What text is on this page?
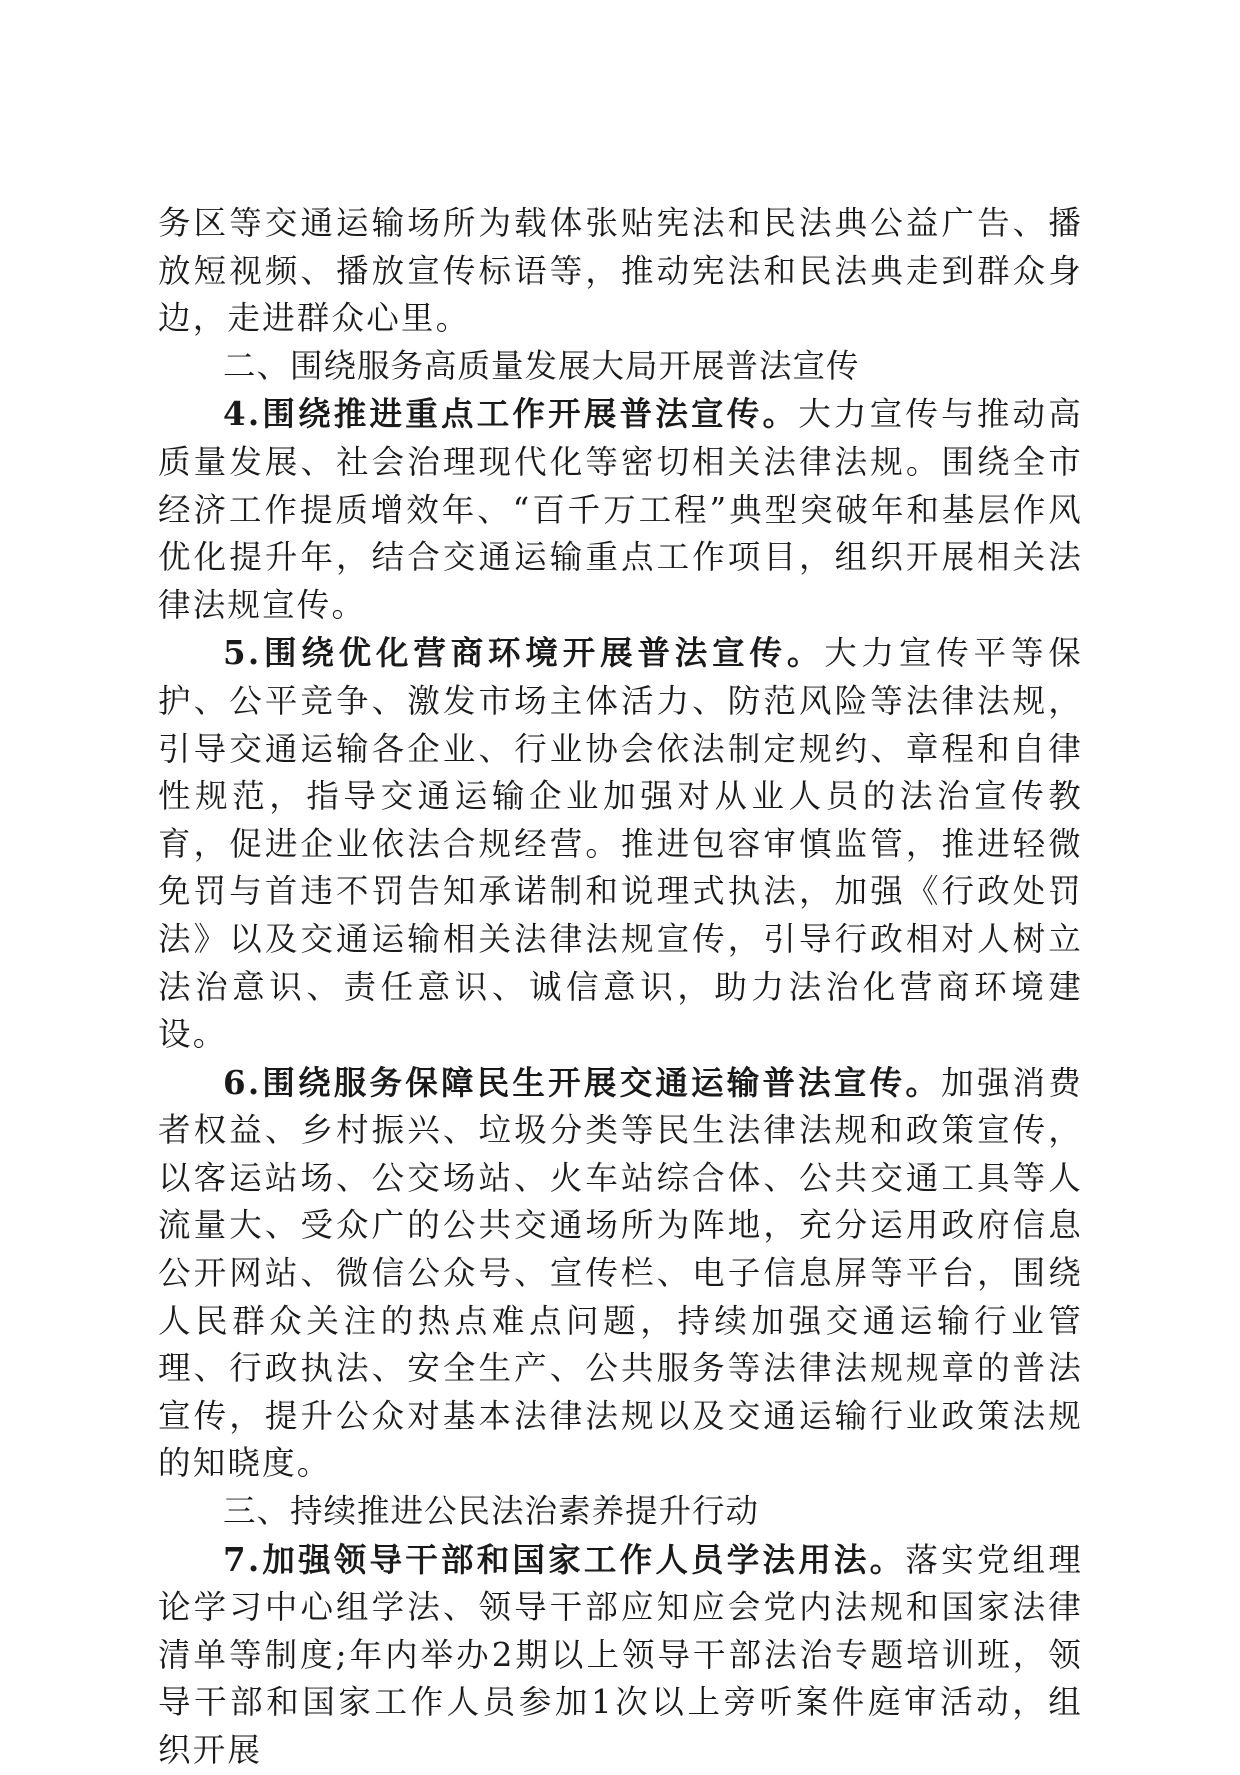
务区等交通运输场所为载体张贴宪法和民法典公益广告、播放短视频、播放宣传标语等，推动宪法和民法典走到群众身边，走进群众心里。

二、围绕服务高质量发展大局开展普法宣传

4.围绕推进重点工作开展普法宣传。大力宣传与推动高质量发展、社会治理现代化等密切相关法律法规。围绕全市经济工作提质增效年、“百千万工程”典型突破年和基层作风优化提升年，结合交通运输重点工作项目，组织开展相关法律法规宣传。

5.围绕优化营商环境开展普法宣传。大力宣传平等保护、公平竞争、激发市场主体活力、防范风险等法律法规，引导交通运输各企业、行业协会依法制定规约、章程和自律性规范，指导交通运输企业加强对从业人员的法治宣传教育，促进企业依法合规经营。推进包容审慎监管，推进轻微免罚与首违不罚告知承诺制和说理式执法，加强《行政处罚法》以及交通运输相关法律法规宣传，引导行政相对人树立法治意识、责任意识、诚信意识，助力法治化营商环境建设。

6.围绕服务保障民生开展交通运输普法宣传。加强消费者权益、乡村振兴、垃圾分类等民生法律法规和政策宣传，以客运站场、公交场站、火车站综合体、公共交通工具等人流量大、受众广的公共交通场所为阵地，充分运用政府信息公开网站、微信公众号、宣传栏、电子信息屏等平台，围绕人民群众关注的热点难点问题，持续加强交通运输行业管理、行政执法、安全生产、公共服务等法律法规规章的普法宣传，提升公众对基本法律法规以及交通运输行业政策法规的知晓度。

三、持续推进公民法治素养提升行动

7.加强领导干部和国家工作人员学法用法。落实党组理论学习中心组学法、领导干部应知应会党内法规和国家法律清单等制度;年内举办2期以上领导干部法治专题培训班，领导干部和国家工作人员参加1次以上旁听案件庭审活动，组织开展
